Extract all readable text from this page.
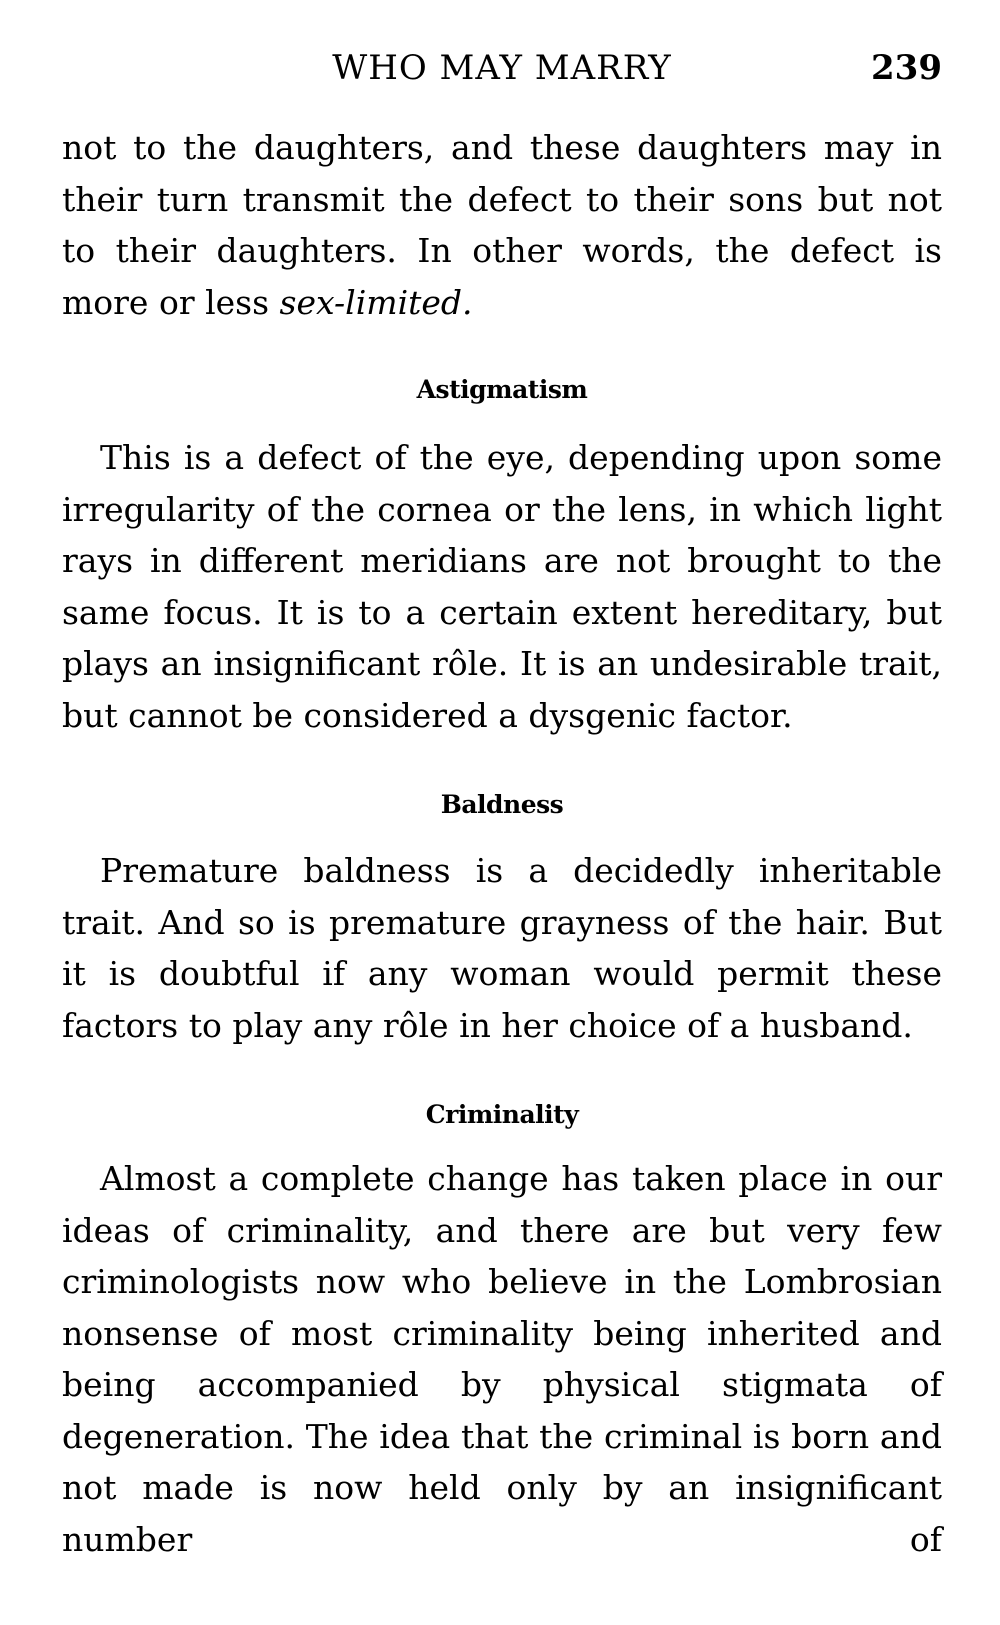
WHO MAY MARRY	239

not to the daughters, and these daughters may in their turn transmit the defect to their sons but not to their daughters. In other words, the defect is more or less sex-limited.

Astigmatism

This is a defect of the eye, depending upon some irregularity of the cornea or the lens, in which light rays in different meridians are not brought to the same focus. It is to a certain extent hereditary, but plays an insignificant rôle. It is an undesirable trait, but cannot be considered a dysgenic factor.

Baldness

Premature baldness is a decidedly inheritable trait. And so is premature grayness of the hair. But it is doubtful if any woman would permit these factors to play any rôle in her choice of a husband.

Criminality

Almost a complete change has taken place in our ideas of criminality, and there are but very few criminologists now who believe in the Lombrosian nonsense of most criminality being inherited and being accompanied by physical stigmata of degeneration. The idea that the criminal is born and not made is now held only by an insignificant number of
